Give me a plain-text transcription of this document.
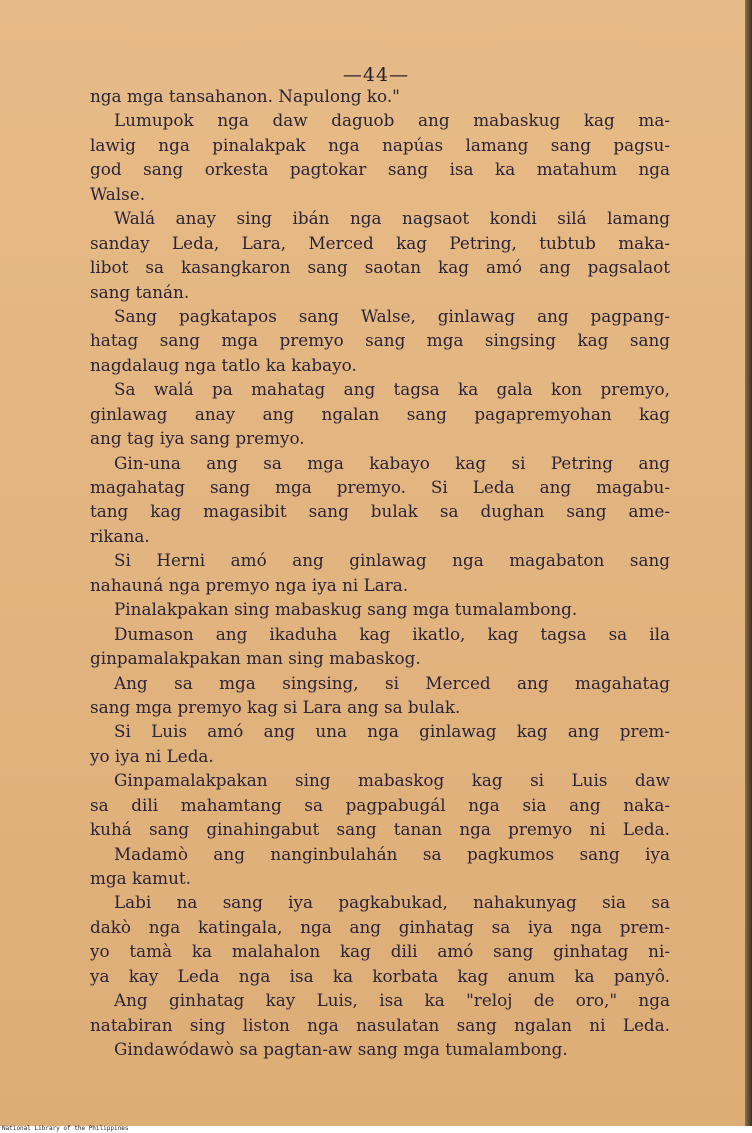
—44—
nga mga tansahanon. Napulong ko."
Lumupok nga daw daguob ang mabaskug kag ma-
lawig nga pinalakpak nga napúas lamang sang pagsu-
god sang orkesta pagtokar sang isa ka matahum nga
Walse.
Walá anay sing ibán nga nagsaot kondi silá lamang
sanday Leda, Lara, Merced kag Petring, tubtub maka-
libot sa kasangkaron sang saotan kag amó ang pagsalaot
sang tanán.
Sang pagkatapos sang Walse, ginlawag ang pagpang-
hatag sang mga premyo sang mga singsing kag sang
nagdalaug nga tatlo ka kabayo.
Sa walá pa mahatag ang tagsa ka gala kon premyo,
ginlawag anay ang ngalan sang pagapremyohan kag
ang tag iya sang premyo.
Gin-una ang sa mga kabayo kag si Petring ang
magahatag sang mga premyo. Si Leda ang magabu-
tang kag magasibit sang bulak sa dughan sang ame-
rikana.
Si Herni amó ang ginlawag nga magabaton sang
nahauná nga premyo nga iya ni Lara.
Pinalakpakan sing mabaskug sang mga tumalambong.
Dumason ang ikaduha kag ikatlo, kag tagsa sa ila
ginpamalakpakan man sing mabaskog.
Ang sa mga singsing, si Merced ang magahatag
sang mga premyo kag si Lara ang sa bulak.
Si Luis amó ang una nga ginlawag kag ang prem-
yo iya ni Leda.
Ginpamalakpakan sing mabaskog kag si Luis daw
sa dili mahamtang sa pagpabugál nga sia ang naka-
kuhá sang ginahingabut sang tanan nga premyo ni Leda.
Madamò ang nanginbulahán sa pagkumos sang iya
mga kamut.
Labi na sang iya pagkabukad, nahakunyag sia sa
dakò nga katingala, nga ang ginhatag sa iya nga prem-
yo tamà ka malahalon kag dili amó sang ginhatag ni-
ya kay Leda nga isa ka korbata kag anum ka panyô.
Ang ginhatag kay Luis, isa ka "reloj de oro," nga
natabiran sing liston nga nasulatan sang ngalan ni Leda.
Gindawódawò sa pagtan-aw sang mga tumalambong.
National Library of the Philippines
